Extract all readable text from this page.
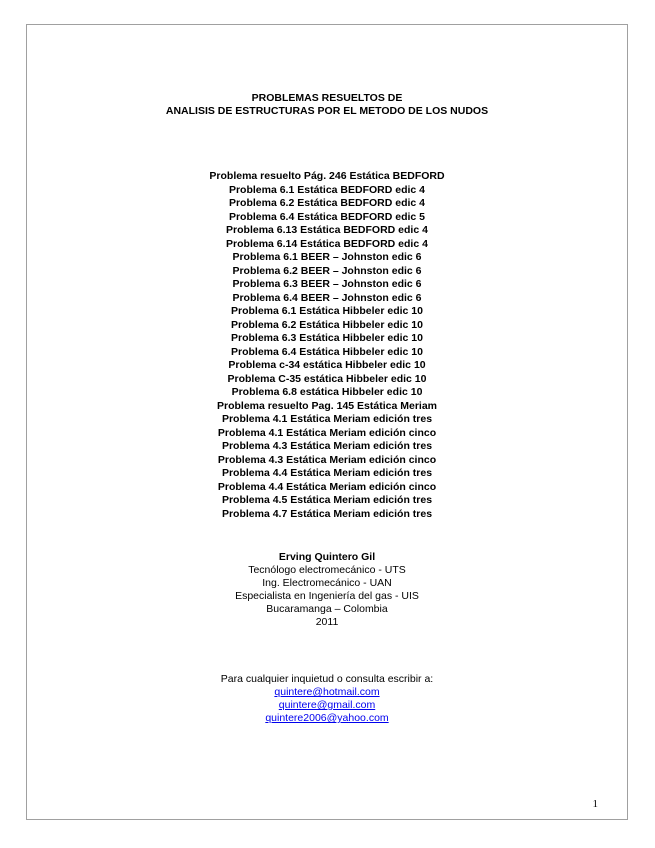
PROBLEMAS RESUELTOS DE
ANALISIS DE ESTRUCTURAS POR EL METODO DE LOS NUDOS
Problema resuelto Pág. 246 Estática BEDFORD
Problema 6.1 Estática BEDFORD edic 4
Problema 6.2 Estática BEDFORD edic 4
Problema 6.4 Estática BEDFORD edic 5
Problema 6.13 Estática BEDFORD edic 4
Problema 6.14 Estática BEDFORD edic 4
Problema 6.1 BEER – Johnston edic 6
Problema 6.2 BEER – Johnston edic 6
Problema 6.3 BEER – Johnston edic 6
Problema 6.4 BEER – Johnston edic 6
Problema 6.1 Estática Hibbeler edic 10
Problema 6.2 Estática Hibbeler edic 10
Problema 6.3 Estática Hibbeler edic 10
Problema 6.4 Estática Hibbeler edic 10
Problema c-34 estática Hibbeler edic 10
Problema C-35 estática Hibbeler edic 10
Problema 6.8 estática Hibbeler edic 10
Problema resuelto Pag. 145 Estática Meriam
Problema 4.1 Estática Meriam edición tres
Problema 4.1 Estática Meriam edición cinco
Problema 4.3 Estática Meriam edición tres
Problema 4.3 Estática Meriam edición cinco
Problema 4.4 Estática Meriam edición tres
Problema 4.4 Estática Meriam edición cinco
Problema 4.5 Estática Meriam edición tres
Problema 4.7 Estática Meriam edición tres
Erving Quintero Gil
Tecnólogo electromecánico - UTS
Ing. Electromecánico - UAN
Especialista en Ingeniería del gas - UIS
Bucaramanga – Colombia
2011
Para cualquier inquietud o consulta escribir a:
quintere@hotmail.com
quintere@gmail.com
quintere2006@yahoo.com
1
